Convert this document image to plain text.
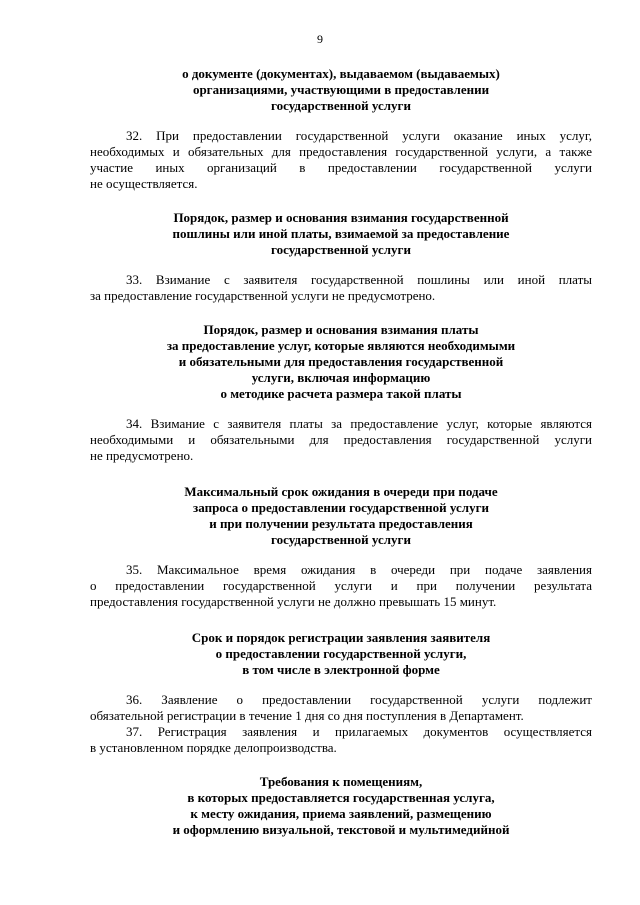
9
о документе (документах), выдаваемом (выдаваемых)
организациями, участвующими в предоставлении
государственной услуги
32. При предоставлении государственной услуги оказание иных услуг,
необходимых и обязательных для предоставления государственной услуги, а также
участие иных организаций в предоставлении государственной услуги
не осуществляется.
Порядок, размер и основания взимания государственной
пошлины или иной платы, взимаемой за предоставление
государственной услуги
33. Взимание с заявителя государственной пошлины или иной платы
за предоставление государственной услуги не предусмотрено.
Порядок, размер и основания взимания платы
за предоставление услуг, которые являются необходимыми
и обязательными для предоставления государственной
услуги, включая информацию
о методике расчета размера такой платы
34. Взимание с заявителя платы за предоставление услуг, которые являются
необходимыми и обязательными для предоставления государственной услуги
не предусмотрено.
Максимальный срок ожидания в очереди при подаче
запроса о предоставлении государственной услуги
и при получении результата предоставления
государственной услуги
35. Максимальное время ожидания в очереди при подаче заявления
о предоставлении государственной услуги и при получении результата
предоставления государственной услуги не должно превышать 15 минут.
Срок и порядок регистрации заявления заявителя
о предоставлении государственной услуги,
в том числе в электронной форме
36. Заявление о предоставлении государственной услуги подлежит
обязательной регистрации в течение 1 дня со дня поступления в Департамент.
37. Регистрация заявления и прилагаемых документов осуществляется
в установленном порядке делопроизводства.
Требования к помещениям,
в которых предоставляется государственная услуга,
к месту ожидания, приема заявлений, размещению
и оформлению визуальной, текстовой и мультимедийной
